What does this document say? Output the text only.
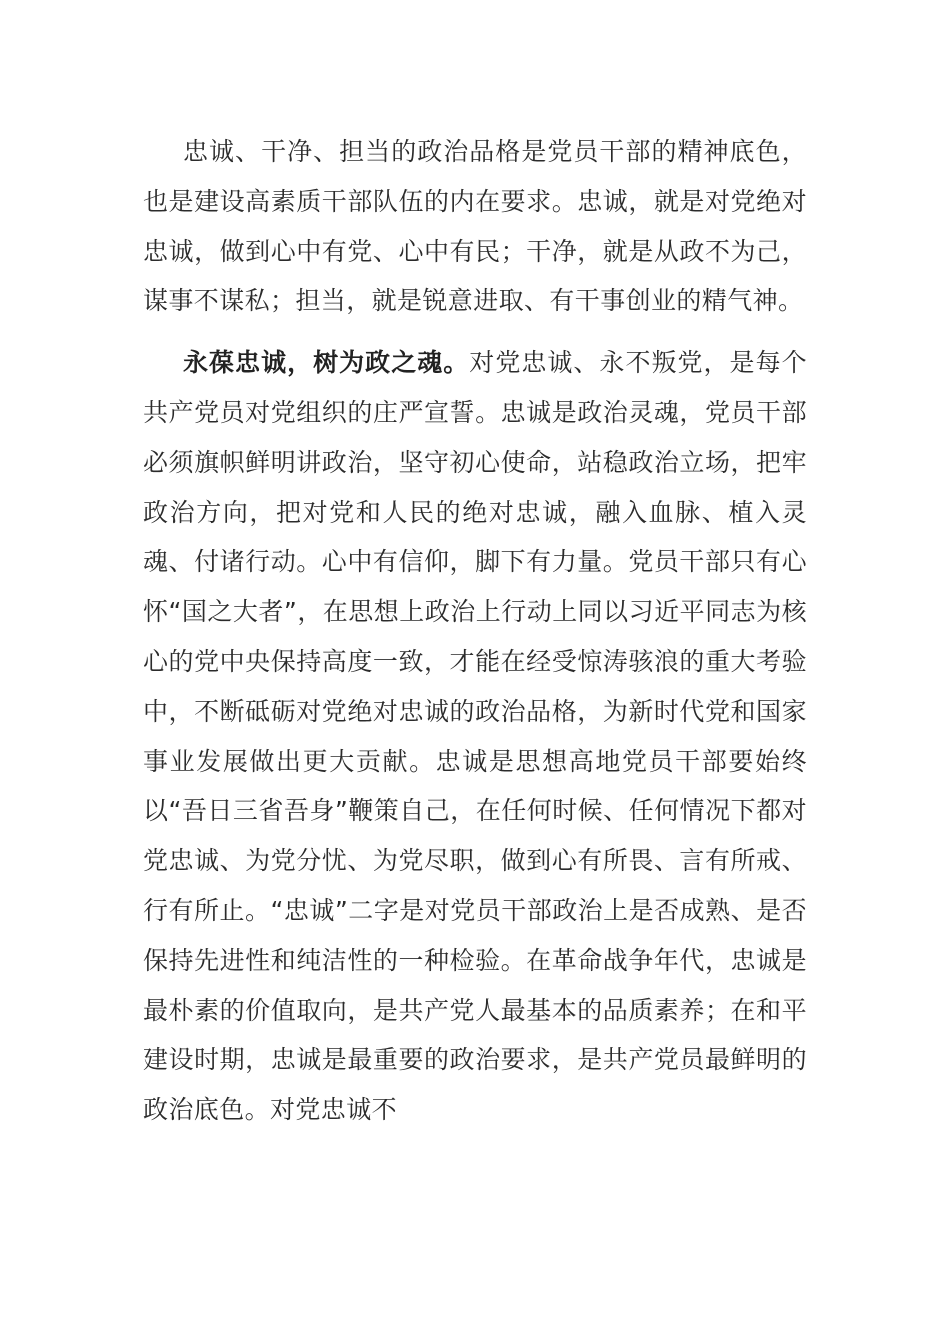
忠诚、干净、担当的政治品格是党员干部的精神底色，也是建设高素质干部队伍的内在要求。忠诚，就是对党绝对忠诚，做到心中有党、心中有民；干净，就是从政不为己，谋事不谋私；担当，就是锐意进取、有干事创业的精气神。

永葆忠诚，树为政之魂。对党忠诚、永不叛党，是每个共产党员对党组织的庄严宣誓。忠诚是政治灵魂，党员干部必须旗帜鲜明讲政治，坚守初心使命，站稳政治立场，把牢政治方向，把对党和人民的绝对忠诚，融入血脉、植入灵魂、付诸行动。心中有信仰，脚下有力量。党员干部只有心怀“国之大者”，在思想上政治上行动上同以习近平同志为核心的党中央保持高度一致，才能在经受惊涛骇浪的重大考验中，不断砥砺对党绝对忠诚的政治品格，为新时代党和国家事业发展做出更大贡献。忠诚是思想高地党员干部要始终以“吾日三省吾身”鞭策自己，在任何时候、任何情况下都对党忠诚、为党分忧、为党尽职，做到心有所畏、言有所戒、行有所止。“忠诚”二字是对党员干部政治上是否成熟、是否保持先进性和纯洁性的一种检验。在革命战争年代，忠诚是最朴素的价值取向，是共产党人最基本的品质素养；在和平建设时期，忠诚是最重要的政治要求，是共产党员最鲜明的政治底色。对党忠诚不
